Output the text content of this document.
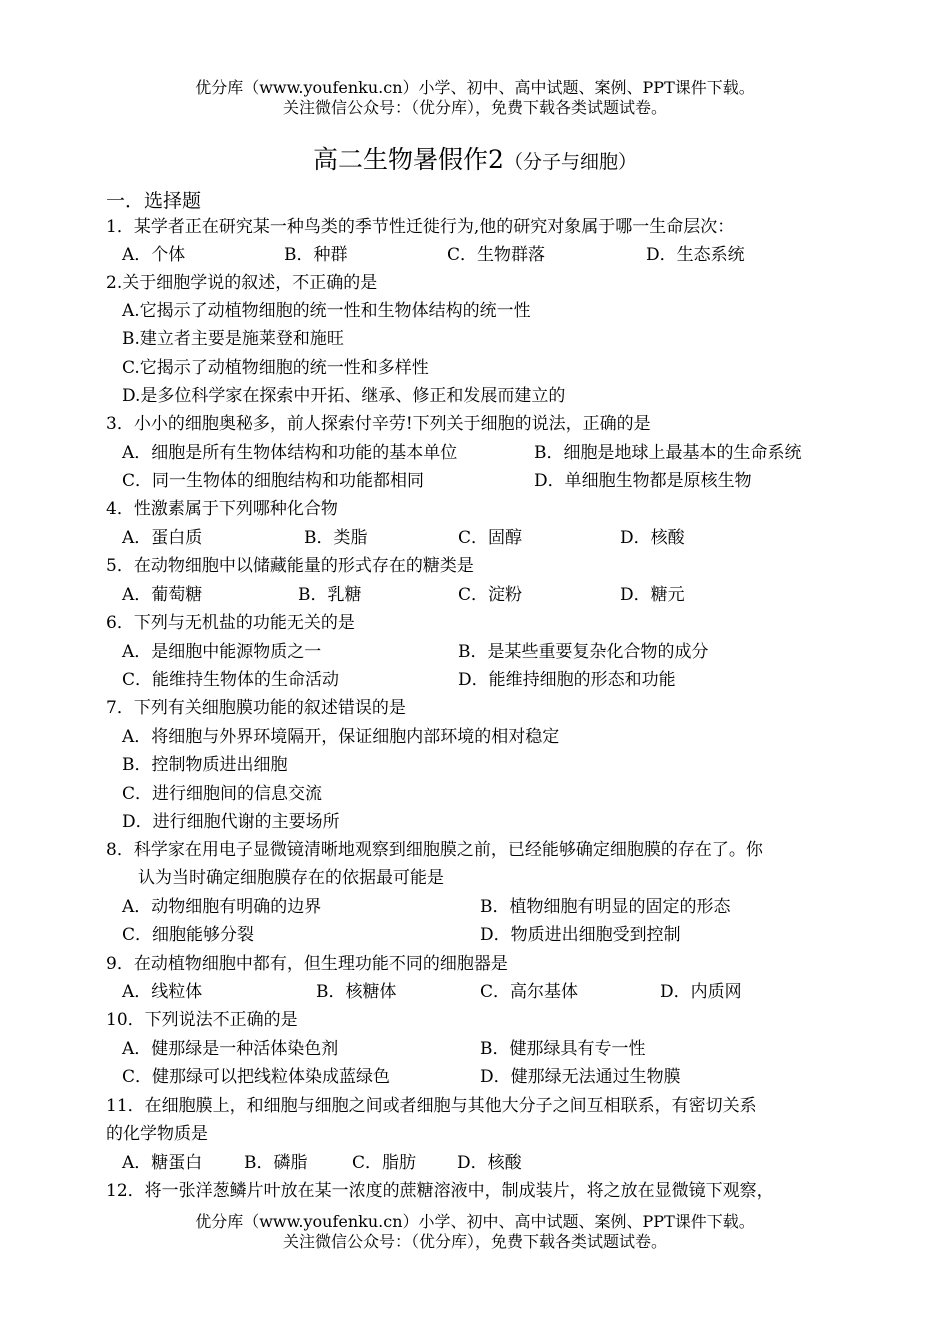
优分库（www.youfenku.cn）小学、初中、高中试题、案例、PPT课件下载。
关注微信公众号：（优分库），免费下载各类试题试卷。
高二生物暑假作2（分子与细胞）
一．选择题
1．某学者正在研究某一种鸟类的季节性迁徙行为,他的研究对象属于哪一生命层次：
A．个体	B．种群	C．生物群落	D．生态系统
2.关于细胞学说的叙述，不正确的是
A.它揭示了动植物细胞的统一性和生物体结构的统一性
B.建立者主要是施莱登和施旺
C.它揭示了动植物细胞的统一性和多样性
D.是多位科学家在探索中开拓、继承、修正和发展而建立的
3．小小的细胞奥秘多，前人探索付辛劳!下列关于细胞的说法，正确的是
A．细胞是所有生物体结构和功能的基本单位	B．细胞是地球上最基本的生命系统
C．同一生物体的细胞结构和功能都相同	D．单细胞生物都是原核生物
4．性激素属于下列哪种化合物
A．蛋白质	B．类脂	C．固醇	D．核酸
5．在动物细胞中以储藏能量的形式存在的糖类是
A．葡萄糖	B．乳糖	C．淀粉	D．糖元
6．下列与无机盐的功能无关的是
A．是细胞中能源物质之一	B．是某些重要复杂化合物的成分
C．能维持生物体的生命活动	D．能维持细胞的形态和功能
7．下列有关细胞膜功能的叙述错误的是
A．将细胞与外界环境隔开，保证细胞内部环境的相对稳定
B．控制物质进出细胞
C．进行细胞间的信息交流
D．进行细胞代谢的主要场所
8．科学家在用电子显微镜清晰地观察到细胞膜之前，已经能够确定细胞膜的存在了。你
认为当时确定细胞膜存在的依据最可能是
A．动物细胞有明确的边界	B．植物细胞有明显的固定的形态
C．细胞能够分裂	D．物质进出细胞受到控制
9．在动植物细胞中都有，但生理功能不同的细胞器是
A．线粒体	B．核糖体	C．高尔基体	D．内质网
10．下列说法不正确的是
A．健那绿是一种活体染色剂	B．健那绿具有专一性
C．健那绿可以把线粒体染成蓝绿色	D．健那绿无法通过生物膜
11．在细胞膜上，和细胞与细胞之间或者细胞与其他大分子之间互相联系，有密切关系
的化学物质是
A．糖蛋白 B．磷脂	C．脂肪 D．核酸
12．将一张洋葱鳞片叶放在某一浓度的蔗糖溶液中，制成装片，将之放在显微镜下观察，
优分库（www.youfenku.cn）小学、初中、高中试题、案例、PPT课件下载。
关注微信公众号：（优分库），免费下载各类试题试卷。
